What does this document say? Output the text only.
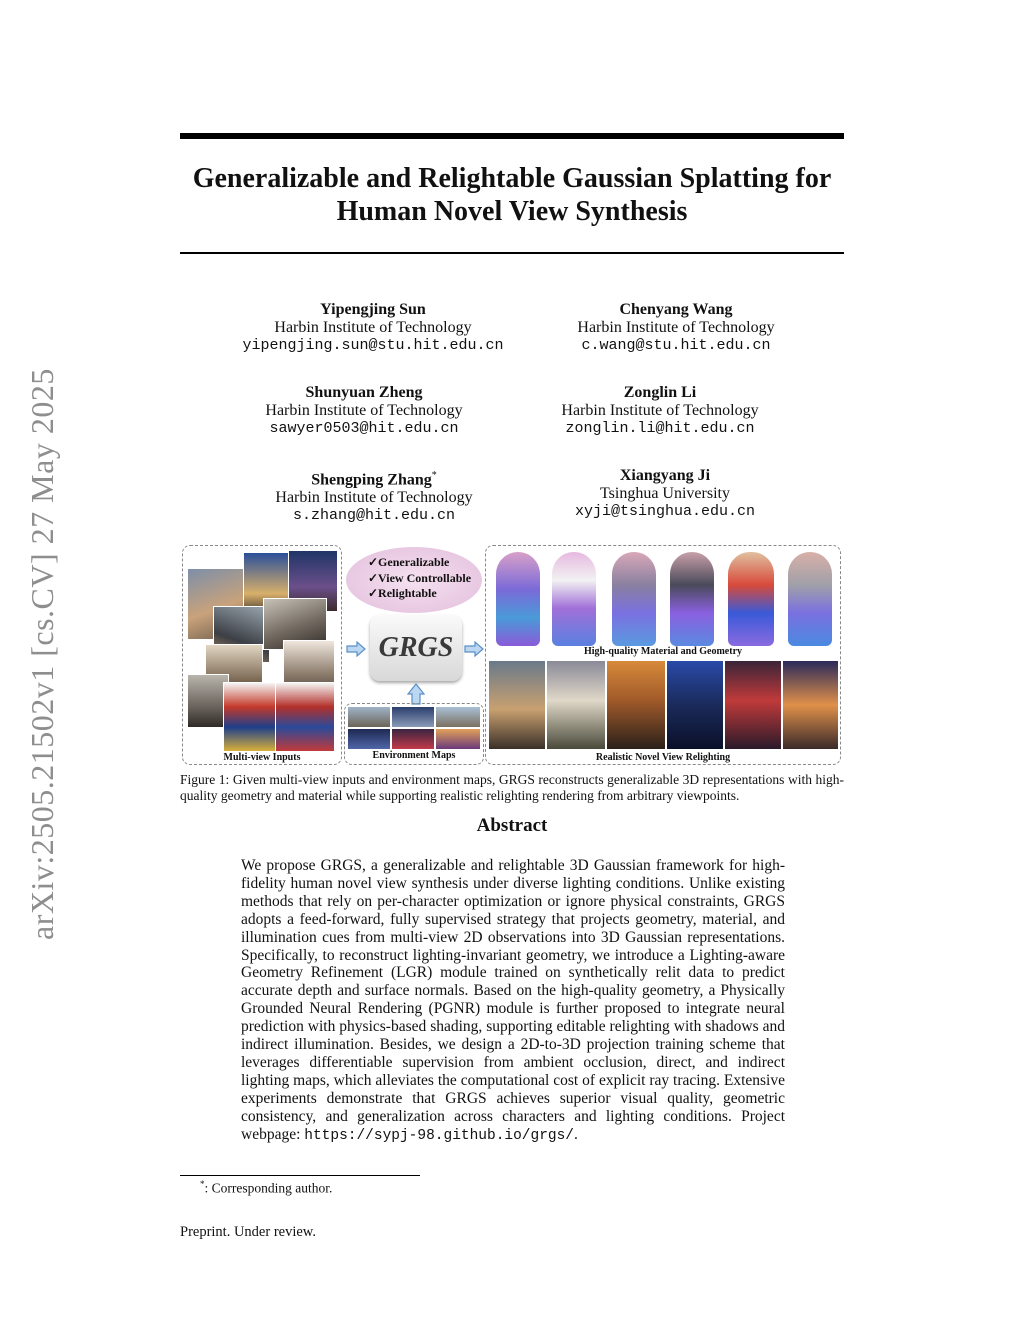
arXiv:2505.21502v1 [cs.CV] 27 May 2025
Generalizable and Relightable Gaussian Splatting for Human Novel View Synthesis
Yipengjing Sun
Harbin Institute of Technology
yipengjing.sun@stu.hit.edu.cn
Chenyang Wang
Harbin Institute of Technology
c.wang@stu.hit.edu.cn
Shunyuan Zheng
Harbin Institute of Technology
sawyer0503@hit.edu.cn
Zonglin Li
Harbin Institute of Technology
zonglin.li@hit.edu.cn
Shengping Zhang*
Harbin Institute of Technology
s.zhang@hit.edu.cn
Xiangyang Ji
Tsinghua University
xyji@tsinghua.edu.cn
Multi-view Inputs
✓Generalizable
✓View Controllable
✓Relightable
GRGS
Environment Maps
High-quality Material and Geometry
Realistic Novel View Relighting
Figure 1: Given multi-view inputs and environment maps, GRGS reconstructs generalizable 3D representations with high-quality geometry and material while supporting realistic relighting rendering from arbitrary viewpoints.
Abstract
We propose GRGS, a generalizable and relightable 3D Gaussian framework for high-fidelity human novel view synthesis under diverse lighting conditions. Unlike existing methods that rely on per-character optimization or ignore physical constraints, GRGS adopts a feed-forward, fully supervised strategy that projects geometry, material, and illumination cues from multi-view 2D observations into 3D Gaussian representations. Specifically, to reconstruct lighting-invariant geometry, we introduce a Lighting-aware Geometry Refinement (LGR) module trained on synthetically relit data to predict accurate depth and surface normals. Based on the high-quality geometry, a Physically Grounded Neural Rendering (PGNR) module is further proposed to integrate neural prediction with physics-based shading, supporting editable relighting with shadows and indirect illumination. Besides, we design a 2D-to-3D projection training scheme that leverages differentiable supervision from ambient occlusion, direct, and indirect lighting maps, which alleviates the computational cost of explicit ray tracing. Extensive experiments demonstrate that GRGS achieves superior visual quality, geometric consistency, and generalization across characters and lighting conditions. Project webpage: https://sypj-98.github.io/grgs/.
*: Corresponding author.
Preprint. Under review.
